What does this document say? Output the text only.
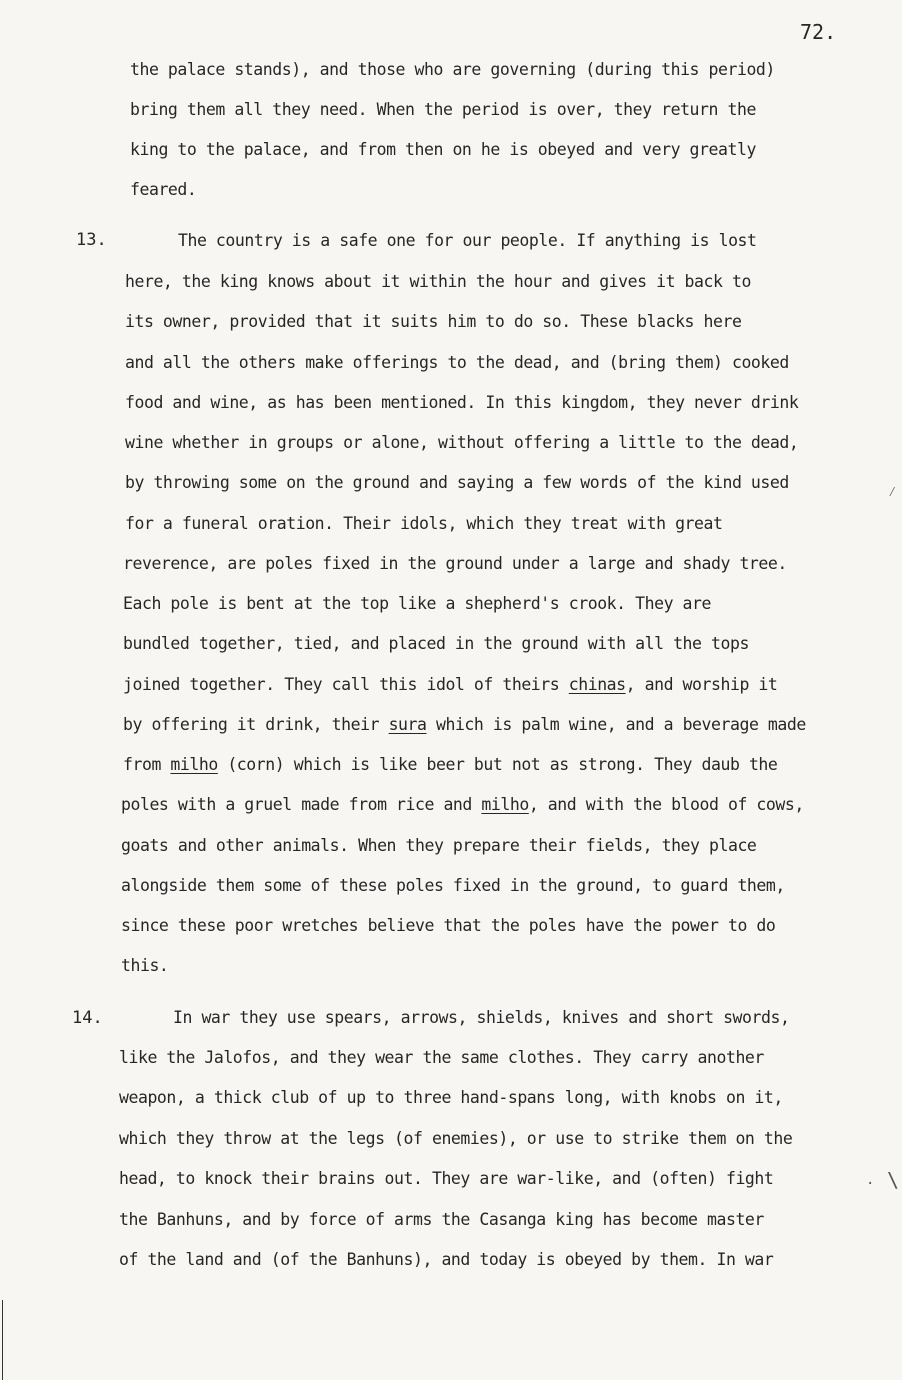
72.
the palace stands), and those who are governing (during this period)
bring them all they need. When the period is over, they return the
king to the palace, and from then on he is obeyed and very greatly
feared.
13.	The country is a safe one for our people. If anything is lost
here, the king knows about it within the hour and gives it back to
its owner, provided that it suits him to do so. These blacks here
and all the others make offerings to the dead, and (bring them) cooked
food and wine, as has been mentioned. In this kingdom, they never drink
wine whether in groups or alone, without offering a little to the dead,
by throwing some on the ground and saying a few words of the kind used
for a funeral oration. Their idols, which they treat with great
reverence, are poles fixed in the ground under a large and shady tree.
Each pole is bent at the top like a shepherd's crook. They are
bundled together, tied, and placed in the ground with all the tops
joined together. They call this idol of theirs chinas, and worship it
by offering it drink, their sura which is palm wine, and a beverage made
from milho (corn) which is like beer but not as strong. They daub the
poles with a gruel made from rice and milho, and with the blood of cows,
goats and other animals. When they prepare their fields, they place
alongside them some of these poles fixed in the ground, to guard them,
since these poor wretches believe that the poles have the power to do
this.
14.	In war they use spears, arrows, shields, knives and short swords,
like the Jalofos, and they wear the same clothes. They carry another
weapon, a thick club of up to three hand-spans long, with knobs on it,
which they throw at the legs (of enemies), or use to strike them on the
head, to knock their brains out. They are war-like, and (often) fight
the Banhuns, and by force of arms the Casanga king has become master
of the land and (of the Banhuns), and today is obeyed by them. In war
⁄
\
·
